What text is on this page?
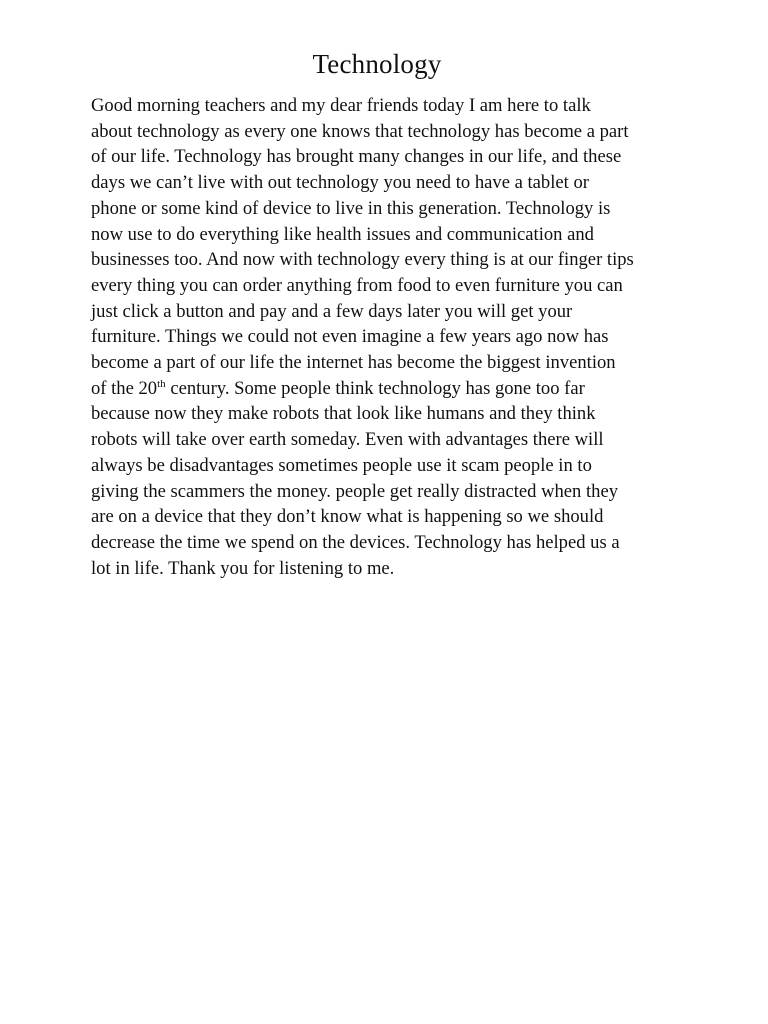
Technology
Good morning teachers and my dear friends today I am here to talk
about technology as every one knows that technology has become a part
of our life. Technology has brought many changes in our life, and these
days we can’t live with out technology you need to have a tablet or
phone or some kind of device to live in this generation. Technology is
now use to do everything like health issues and communication and
businesses too. And now with technology every thing is at our finger tips
every thing you can order anything from food to even furniture you can
just click a button and pay and a few days later you will get your
furniture. Things we could not even imagine a few years ago now has
become a part of our life the internet has become the biggest invention
of the 20th century. Some people think technology has gone too far
because now they make robots that look like humans and they think
robots will take over earth someday. Even with advantages there will
always be disadvantages sometimes people use it scam people in to
giving the scammers the money. people get really distracted when they
are on a device that they don’t know what is happening so we should
decrease the time we spend on the devices. Technology has helped us a
lot in life. Thank you for listening to me.
